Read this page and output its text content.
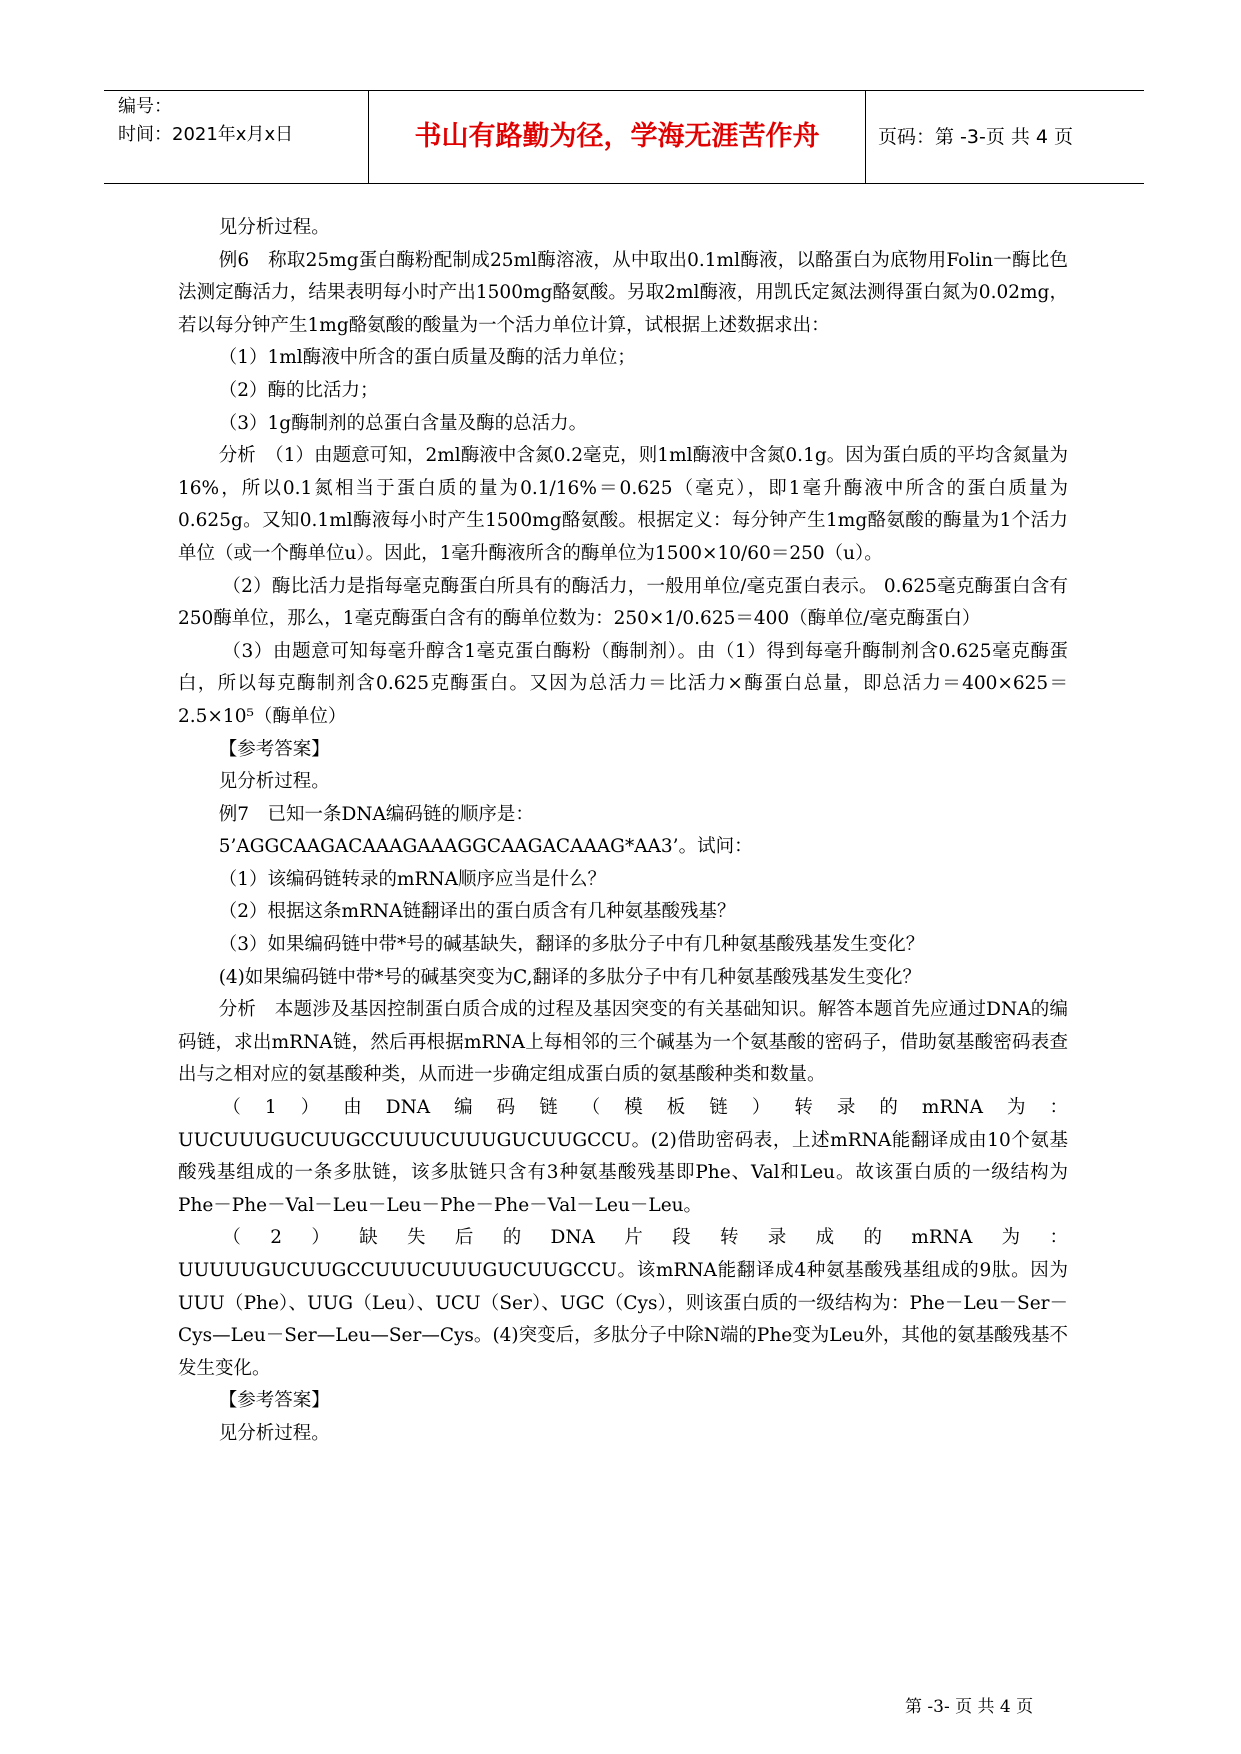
编号：
时间：2021年x月x日	书山有路勤为径，学海无涯苦作舟	页码：第 -3-页 共 4 页

见分析过程。

例6　称取25mg蛋白酶粉配制成25ml酶溶液，从中取出0.1ml酶液，以酪蛋白为底物用Folin一酶比色法测定酶活力，结果表明每小时产出1500mg酪氨酸。另取2ml酶液，用凯氏定氮法测得蛋白氮为0.02mg，若以每分钟产生1mg酪氨酸的酸量为一个活力单位计算，试根据上述数据求出：

（1）1ml酶液中所含的蛋白质量及酶的活力单位；

（2）酶的比活力；

（3）1g酶制剂的总蛋白含量及酶的总活力。

分析　（1）由题意可知，2ml酶液中含氮0.2毫克，则1ml酶液中含氮0.1g。因为蛋白质的平均含氮量为16%，所以0.1氮相当于蛋白质的量为0.1/16%＝0.625（毫克），即1毫升酶液中所含的蛋白质量为0.625g。又知0.1ml酶液每小时产生1500mg酪氨酸。根据定义：每分钟产生1mg酪氨酸的酶量为1个活力单位（或一个酶单位u）。因此，1毫升酶液所含的酶单位为1500×10/60＝250（u）。

（2）酶比活力是指每毫克酶蛋白所具有的酶活力，一般用单位/毫克蛋白表示。 0.625毫克酶蛋白含有250酶单位，那么，1毫克酶蛋白含有的酶单位数为：250×1/0.625＝400（酶单位/毫克酶蛋白）

（3）由题意可知每毫升醇含1毫克蛋白酶粉（酶制剂）。由（1）得到每毫升酶制剂含0.625毫克酶蛋白，所以每克酶制剂含0.625克酶蛋白。又因为总活力＝比活力×酶蛋白总量，即总活力＝400×625＝2.5×10⁵（酶单位）

【参考答案】

见分析过程。

例7　已知一条DNA编码链的顺序是：

5’AGGCAAGACAAAGAAAGGCAAGACAAAG*AA3’。试问：

（1）该编码链转录的mRNA顺序应当是什么？

（2）根据这条mRNA链翻译出的蛋白质含有几种氨基酸残基？

（3）如果编码链中带*号的碱基缺失，翻译的多肽分子中有几种氨基酸残基发生变化？

(4)如果编码链中带*号的碱基突变为C,翻译的多肽分子中有几种氨基酸残基发生变化？

分析　本题涉及基因控制蛋白质合成的过程及基因突变的有关基础知识。解答本题首先应通过DNA的编码链，求出mRNA链，然后再根据mRNA上每相邻的三个碱基为一个氨基酸的密码子，借助氨基酸密码表查出与之相对应的氨基酸种类，从而进一步确定组成蛋白质的氨基酸种类和数量。

（1）由DNA编码链（模板链）转录的mRNA为：

UUCUUUGUCUUGCCUUUCUUUGUCUUGCCU。(2)借助密码表，上述mRNA能翻译成由10个氨基酸残基组成的一条多肽链，该多肽链只含有3种氨基酸残基即Phe、Val和Leu。故该蛋白质的一级结构为 Phe－Phe－Val－Leu－Leu－Phe－Phe－Val－Leu－Leu。

（2）缺失后的DNA片段转录成的mRNA为：

UUUUUGUCUUGCCUUUCUUUGUCUUGCCU。该mRNA能翻译成4种氨基酸残基组成的9肽。因为UUU（Phe）、UUG（Leu）、UCU（Ser）、UGC（Cys），则该蛋白质的一级结构为：Phe－Leu－Ser－Cys—Leu－Ser—Leu—Ser—Cys。(4)突变后，多肽分子中除N端的Phe变为Leu外，其他的氨基酸残基不发生变化。

【参考答案】

见分析过程。

第 -3- 页 共 4 页
